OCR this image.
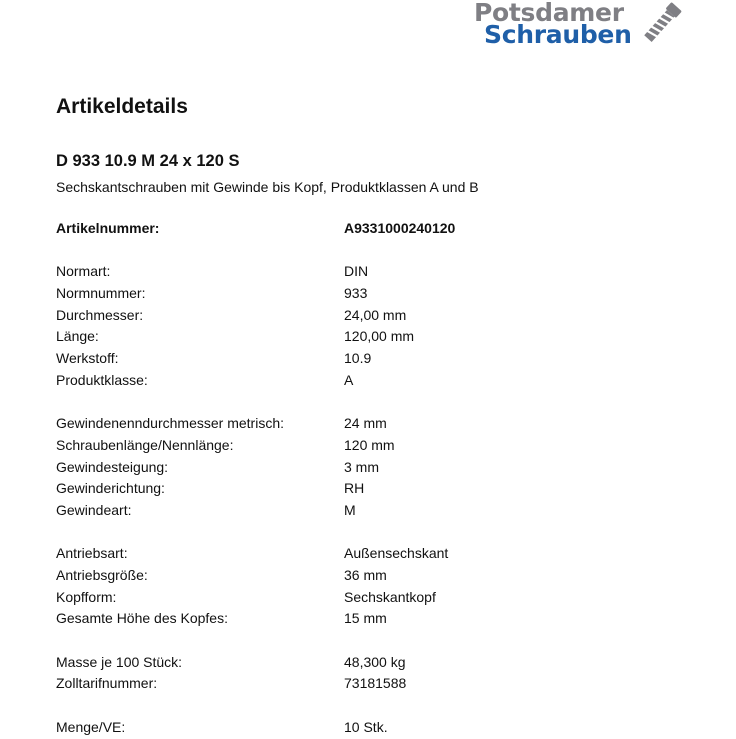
Potsdamer
Schrauben
Artikeldetails
D 933 10.9 M 24 x 120 S
Sechskantschrauben mit Gewinde bis Kopf, Produktklassen A und B
Artikelnummer:	A9331000240120
Normart:	DIN
Normnummer:	933
Durchmesser:	24,00 mm
Länge:	120,00 mm
Werkstoff:	10.9
Produktklasse:	A
Gewindenenndurchmesser metrisch:	24 mm
Schraubenlänge/Nennlänge:	120 mm
Gewindesteigung:	3 mm
Gewinderichtung:	RH
Gewindeart:	M
Antriebsart:	Außensechskant
Antriebsgröße:	36 mm
Kopfform:	Sechskantkopf
Gesamte Höhe des Kopfes:	15 mm
Masse je 100 Stück:	48,300 kg
Zolltarifnummer:	73181588
Menge/VE:	10 Stk.
